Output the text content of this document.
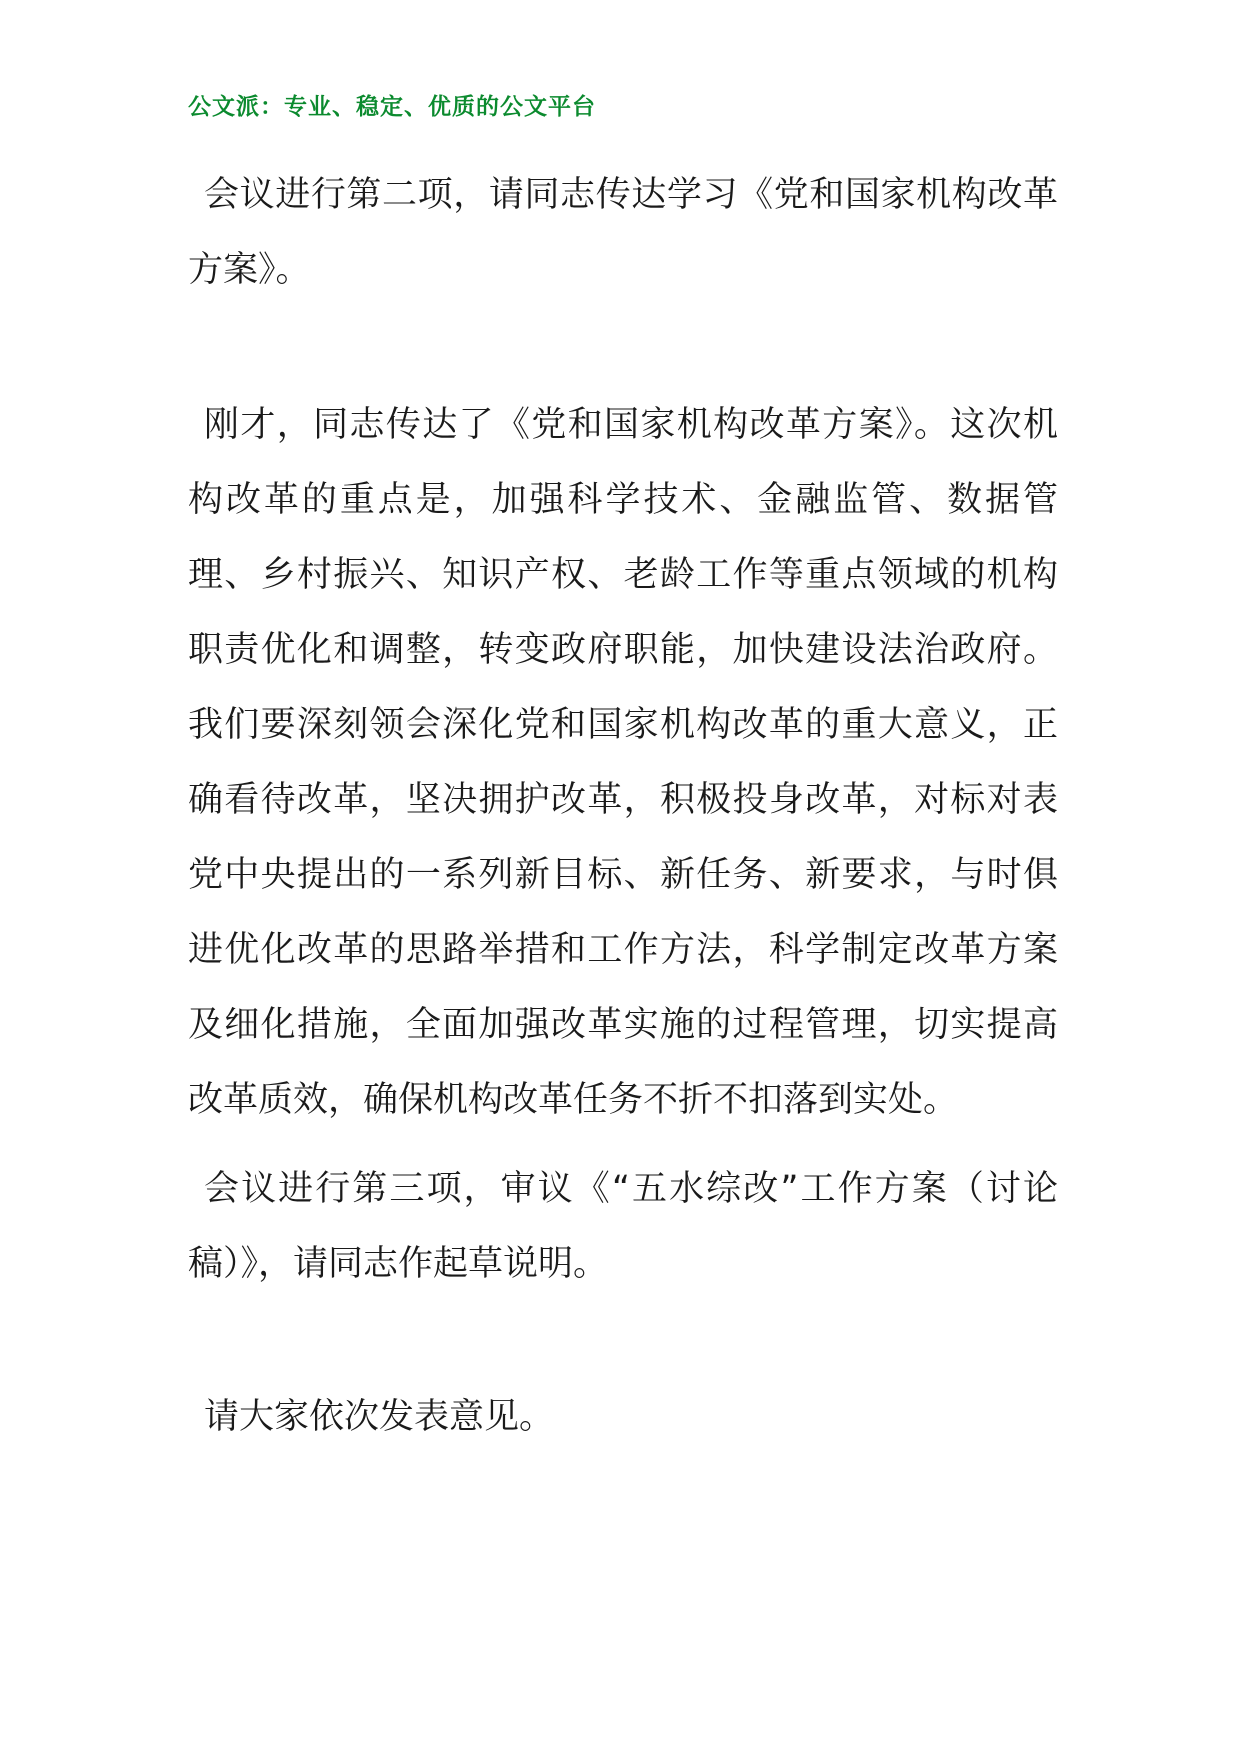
公文派：专业、稳定、优质的公文平台

会议进行第二项，请同志传达学习《党和国家机构改革方案》。

刚才，同志传达了《党和国家机构改革方案》。这次机构改革的重点是，加强科学技术、金融监管、数据管理、乡村振兴、知识产权、老龄工作等重点领域的机构职责优化和调整，转变政府职能，加快建设法治政府。我们要深刻领会深化党和国家机构改革的重大意义，正确看待改革，坚决拥护改革，积极投身改革，对标对表党中央提出的一系列新目标、新任务、新要求，与时俱进优化改革的思路举措和工作方法，科学制定改革方案及细化措施，全面加强改革实施的过程管理，切实提高改革质效，确保机构改革任务不折不扣落到实处。

会议进行第三项，审议《“五水综改”工作方案（讨论稿）》，请同志作起草说明。

请大家依次发表意见。
